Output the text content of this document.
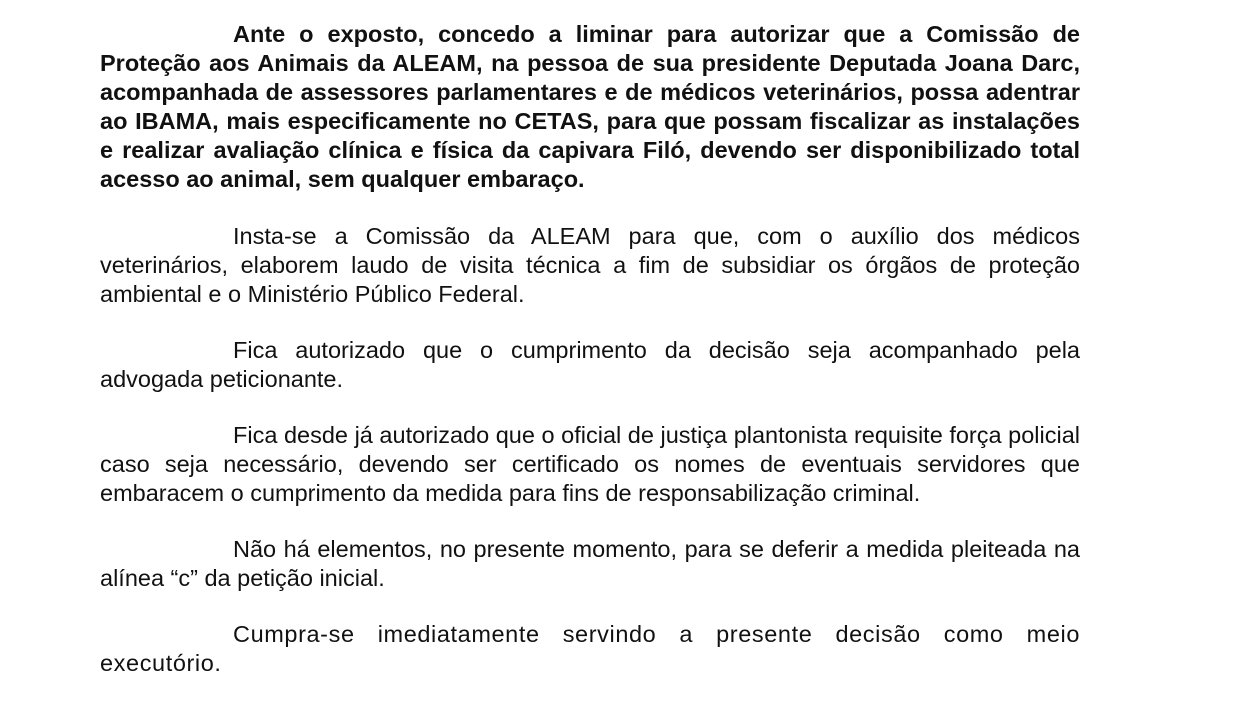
Ante o exposto, concedo a liminar para autorizar que a Comissão de Proteção aos Animais da ALEAM, na pessoa de sua presidente Deputada Joana Darc, acompanhada de assessores parlamentares e de médicos veterinários, possa adentrar ao IBAMA, mais especificamente no CETAS, para que possam fiscalizar as instalações e realizar avaliação clínica e física da capivara Filó, devendo ser disponibilizado total acesso ao animal, sem qualquer embaraço.

Insta-se a Comissão da ALEAM para que, com o auxílio dos médicos veterinários, elaborem laudo de visita técnica a fim de subsidiar os órgãos de proteção ambiental e o Ministério Público Federal.

Fica autorizado que o cumprimento da decisão seja acompanhado pela advogada peticionante.

Fica desde já autorizado que o oficial de justiça plantonista requisite força policial caso seja necessário, devendo ser certificado os nomes de eventuais servidores que embaracem o cumprimento da medida para fins de responsabilização criminal.

Não há elementos, no presente momento, para se deferir a medida pleiteada na alínea “c” da petição inicial.

Cumpra-se imediatamente servindo a presente decisão como meio executório.
